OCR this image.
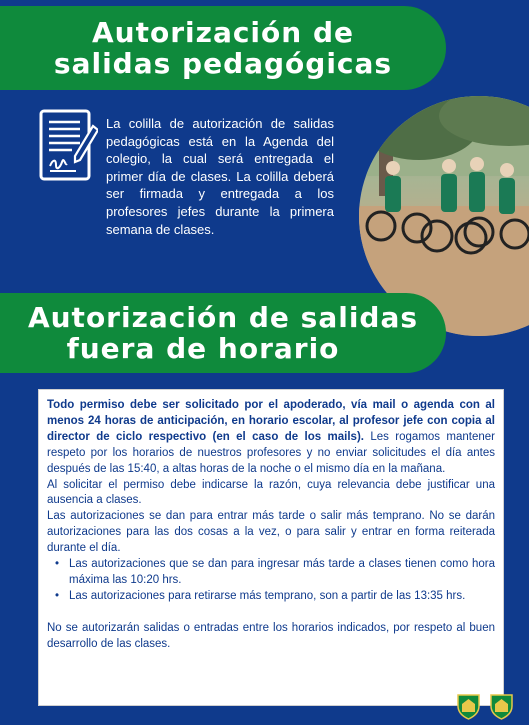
Autorización de
salidas pedagógicas
La colilla de autorización de salidas pedagógicas está en la Agenda del colegio, la cual será entregada el primer día de clases. La colilla deberá ser firmada y entregada a los profesores jefes durante la primera semana de clases.
Autorización de salidas
fuera de horario

Todo permiso debe ser solicitado por el apoderado, vía mail o agenda con al menos 24 horas de anticipación, en horario escolar, al profesor jefe con copia al director de ciclo respectivo (en el caso de los mails). Les rogamos mantener respeto por los horarios de nuestros profesores y no enviar solicitudes el día antes después de las 15:40, a altas horas de la noche o el mismo día en la mañana.

Al solicitar el permiso debe indicarse la razón, cuya relevancia debe justificar una ausencia a clases.

Las autorizaciones se dan para entrar más tarde o salir más temprano. No se darán autorizaciones para las dos cosas a la vez, o para salir y entrar en forma reiterada durante el día.

• Las autorizaciones que se dan para ingresar más tarde a clases tienen como hora máxima las 10:20 hrs.
• Las autorizaciones para retirarse más temprano, son a partir de las 13:35 hrs.

No se autorizarán salidas o entradas entre los horarios indicados, por respeto al buen desarrollo de las clases.
